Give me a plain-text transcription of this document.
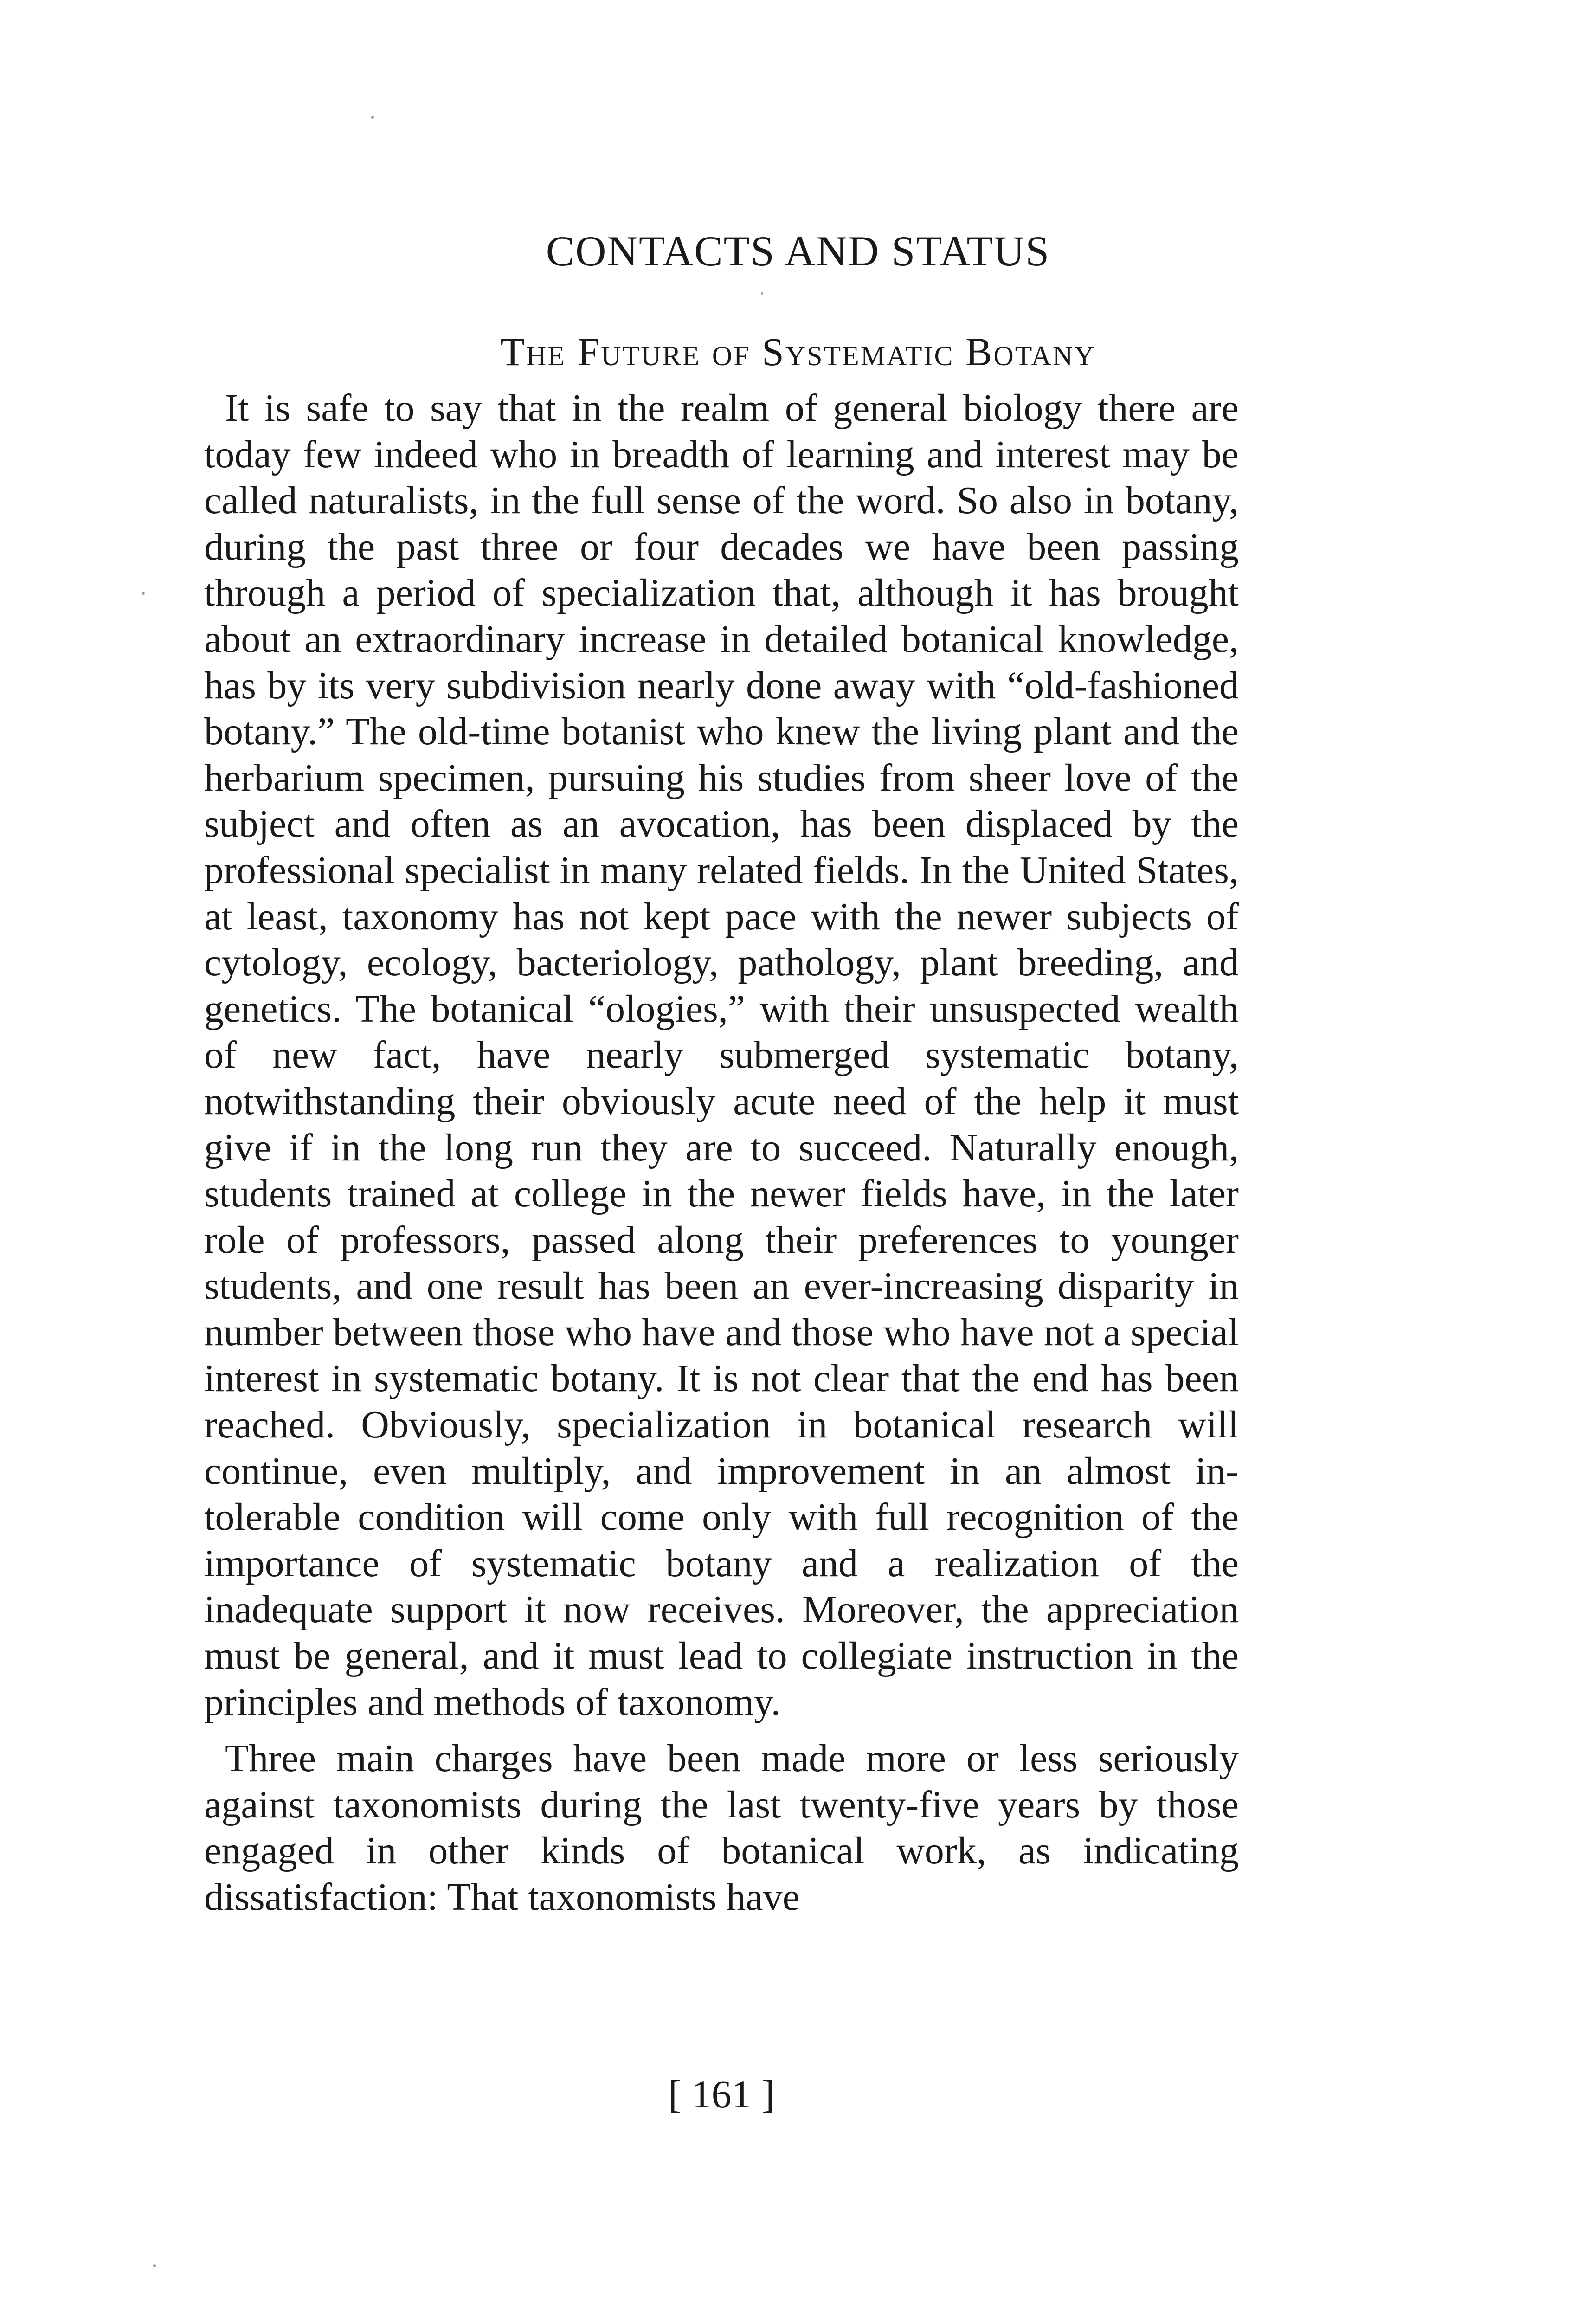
CONTACTS AND STATUS
The Future of Systematic Botany

It is safe to say that in the realm of general biology there are today few indeed who in breadth of learning and interest may be called naturalists, in the full sense of the word. So also in botany, during the past three or four decades we have been passing through a period of specialization that, although it has brought about an extraordinary increase in detailed botanical knowledge, has by its very subdivision nearly done away with “old-fashioned botany.” The old-time botanist who knew the living plant and the herbarium specimen, pursuing his studies from sheer love of the subject and often as an avocation, has been displaced by the professional specialist in many related fields. In the United States, at least, taxonomy has not kept pace with the newer subjects of cytology, ecology, bacteriology, pathology, plant breeding, and genetics. The botanical “ologies,” with their unsuspected wealth of new fact, have nearly submerged systematic botany, notwithstanding their obviously acute need of the help it must give if in the long run they are to succeed. Naturally enough, students trained at college in the newer fields have, in the later role of professors, passed along their preferences to younger students, and one result has been an ever-increasing disparity in number between those who have and those who have not a special interest in systematic botany. It is not clear that the end has been reached. Obviously, specialization in botanical research will continue, even multiply, and improvement in an almost intolerable condition will come only with full recognition of the importance of systematic botany and a realization of the inadequate support it now receives. Moreover, the appreciation must be general, and it must lead to collegiate instruction in the principles and methods of taxonomy.

Three main charges have been made more or less seriously against taxonomists during the last twenty-five years by those engaged in other kinds of botanical work, as indicating dissatisfaction: That taxonomists have

[ 161 ]
